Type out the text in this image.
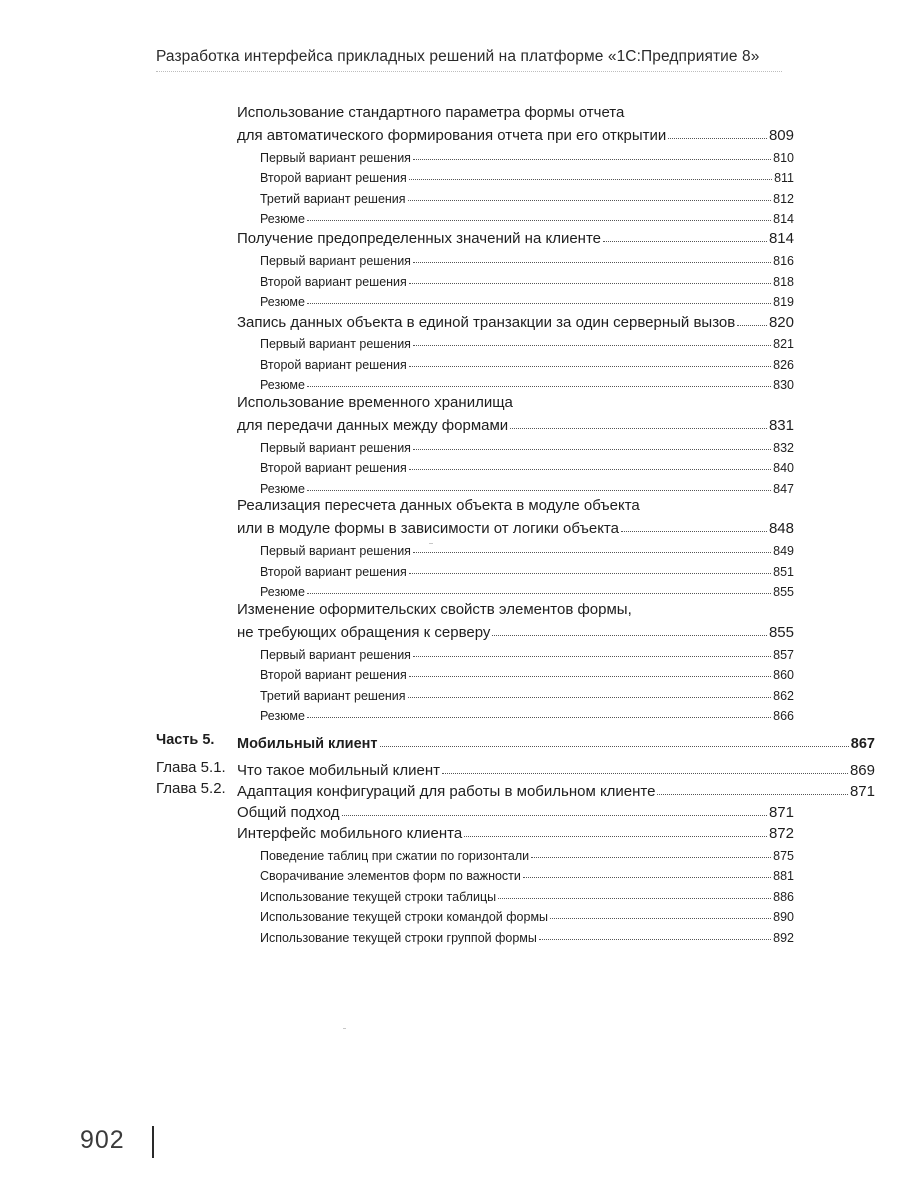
Разработка интерфейса прикладных решений на платформе «1С:Предприятие 8»
Использование стандартного параметра формы отчета
для автоматического формирования отчета при его открытии	809
Первый вариант решения	810
Второй вариант решения	811
Третий вариант решения	812
Резюме	814
Получение предопределенных значений на клиенте	814
Первый вариант решения	816
Второй вариант решения	818
Резюме	819
Запись данных объекта в единой транзакции за один серверный вызов 820
Первый вариант решения	821
Второй вариант решения	826
Резюме	830
Использование временного хранилища
для передачи данных между формами	831
Первый вариант решения	832
Второй вариант решения	840
Резюме	847
Реализация пересчета данных объекта в модуле объекта
или в модуле формы в зависимости от логики объекта	848
Первый вариант решения	849
Второй вариант решения	851
Резюме	855
Изменение оформительских свойств элементов формы,
не требующих обращения к серверу	855
Первый вариант решения	857
Второй вариант решения	860
Третий вариант решения	862
Резюме	866
Часть 5. Мобильный клиент	867
Глава 5.1. Что такое мобильный клиент	869
Глава 5.2. Адаптация конфигураций для работы в мобильном клиенте	871
Общий подход	871
Интерфейс мобильного клиента	872
Поведение таблиц при сжатии по горизонтали	875
Сворачивание элементов форм по важности	881
Использование текущей строки таблицы	886
Использование текущей строки командой формы	890
Использование текущей строки группой формы	892
902
